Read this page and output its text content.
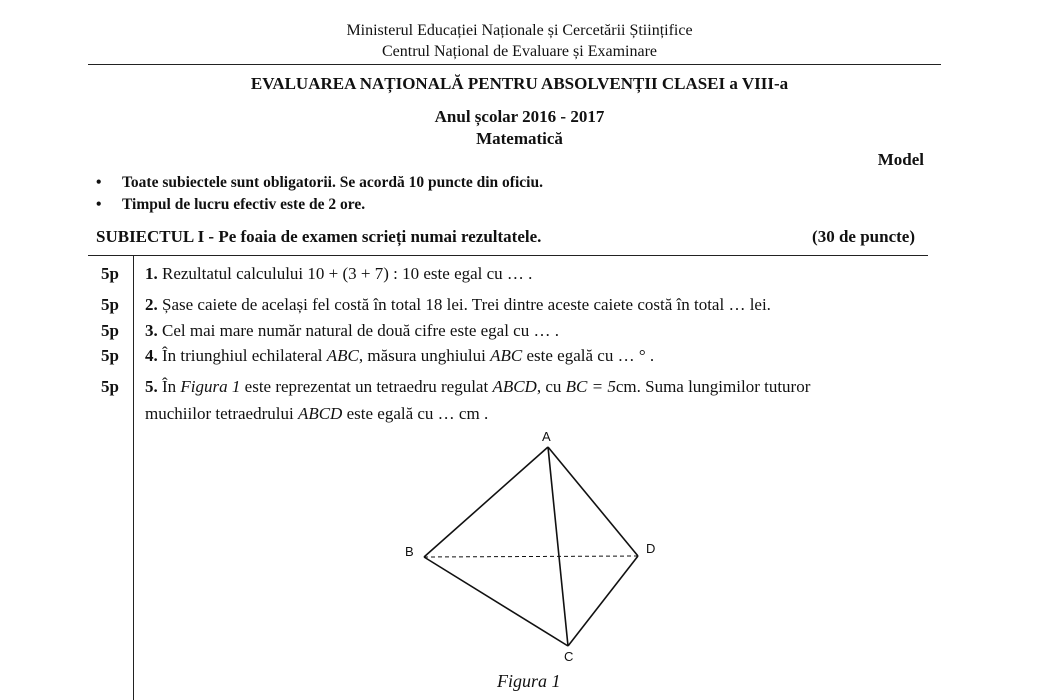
Ministerul Educației Naționale și Cercetării Științifice
Centrul Național de Evaluare și Examinare
EVALUAREA NAȚIONALĂ PENTRU ABSOLVENȚII CLASEI a VIII-a
Anul școlar 2016 - 2017
Matematică
Model
• Toate subiectele sunt obligatorii. Se acordă 10 puncte din oficiu.
• Timpul de lucru efectiv este de 2 ore.
SUBIECTUL I - Pe foaia de examen scrieți numai rezultatele.	(30 de puncte)
5p 1. Rezultatul calculului 10 + (3 + 7) : 10 este egal cu … .
5p 2. Șase caiete de același fel costă în total 18 lei. Trei dintre aceste caiete costă în total … lei.
5p 3. Cel mai mare număr natural de două cifre este egal cu … .
5p 4. În triunghiul echilateral ABC, măsura unghiului ABC este egală cu … ° .
5p 5. În Figura 1 este reprezentat un tetraedru regulat ABCD, cu BC = 5cm. Suma lungimilor tuturor
muchiilor tetraedrului ABCD este egală cu … cm .
A
B	D
C
Figura 1
